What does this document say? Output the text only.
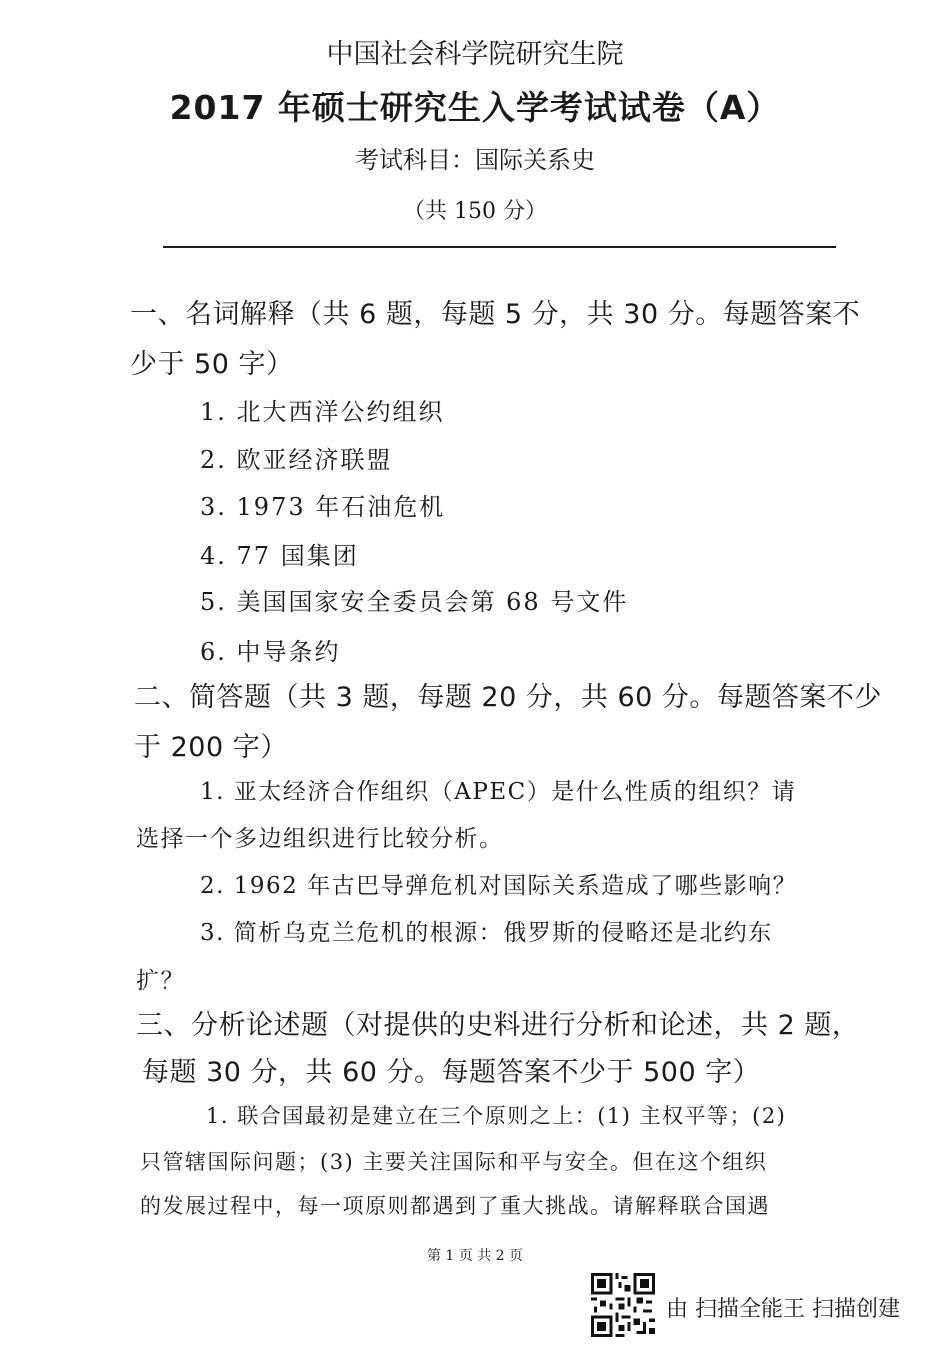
中国社会科学院研究生院
2017 年硕士研究生入学考试试卷（A）
考试科目：国际关系史
（共 150 分）
一、名词解释（共 6 题，每题 5 分，共 30 分。每题答案不
少于 50 字）
1. 北大西洋公约组织
2. 欧亚经济联盟
3. 1973 年石油危机
4. 77 国集团
5. 美国国家安全委员会第 68 号文件
6. 中导条约
二、简答题（共 3 题，每题 20 分，共 60 分。每题答案不少
于 200 字）
1. 亚太经济合作组织（APEC）是什么性质的组织？请
选择一个多边组织进行比较分析。
2. 1962 年古巴导弹危机对国际关系造成了哪些影响？
3. 简析乌克兰危机的根源：俄罗斯的侵略还是北约东
扩？
三、分析论述题（对提供的史料进行分析和论述，共 2 题，
每题 30 分，共 60 分。每题答案不少于 500 字）
1. 联合国最初是建立在三个原则之上：(1) 主权平等；(2)
只管辖国际问题；(3) 主要关注国际和平与安全。但在这个组织
的发展过程中，每一项原则都遇到了重大挑战。请解释联合国遇
第 1 页 共 2 页
由 扫描全能王 扫描创建
